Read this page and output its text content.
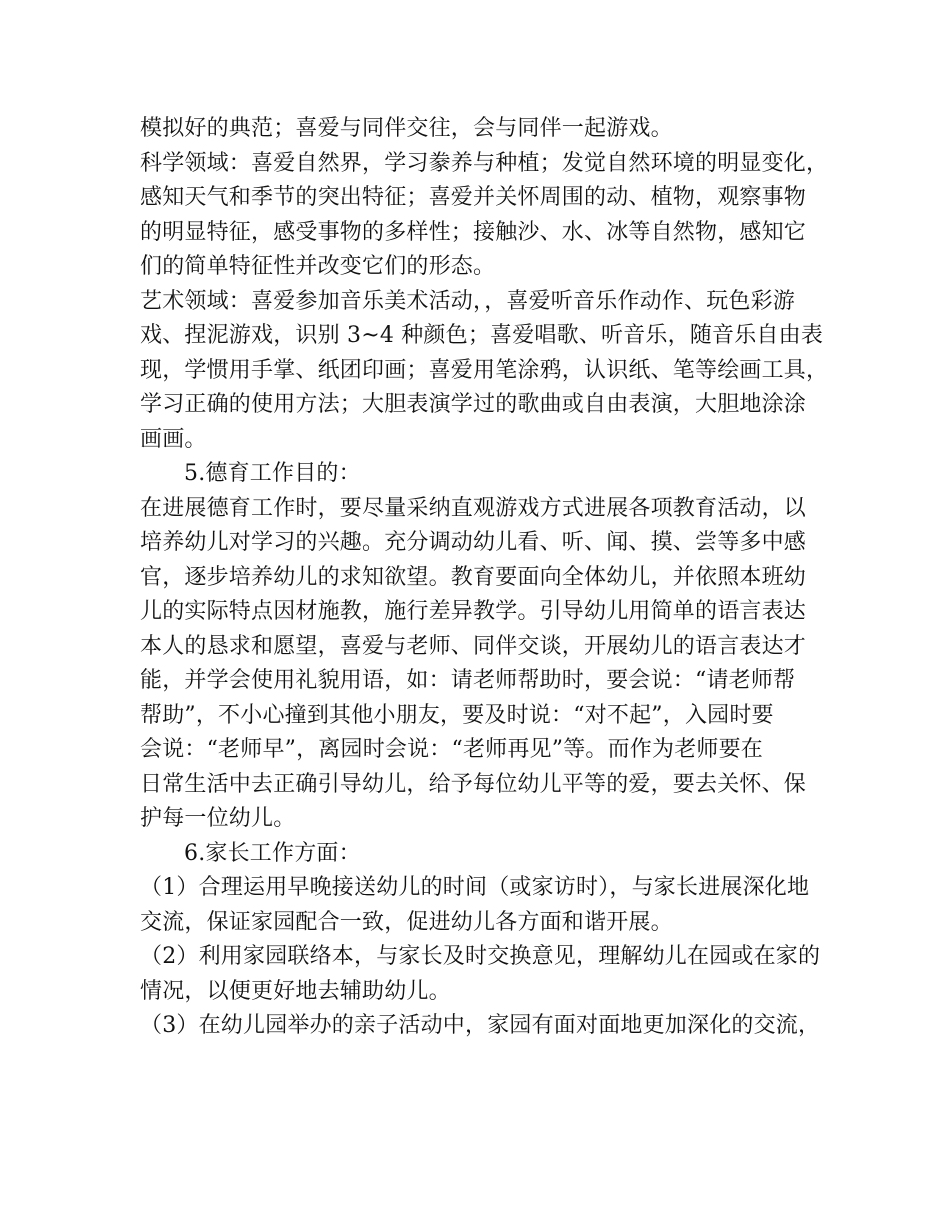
模拟好的典范；喜爱与同伴交往，会与同伴一起游戏。
科学领域：喜爱自然界，学习豢养与种植；发觉自然环境的明显变化，
感知天气和季节的突出特征；喜爱并关怀周围的动、植物，观察事物
的明显特征，感受事物的多样性；接触沙、水、冰等自然物，感知它
们的简单特征性并改变它们的形态。
艺术领域：喜爱参加音乐美术活动，，喜爱听音乐作动作、玩色彩游
戏、捏泥游戏，识别 3~4 种颜色；喜爱唱歌、听音乐，随音乐自由表
现，学惯用手掌、纸团印画；喜爱用笔涂鸦，认识纸、笔等绘画工具，
学习正确的使用方法；大胆表演学过的歌曲或自由表演，大胆地涂涂
画画。
5.德育工作目的：
在进展德育工作时，要尽量采纳直观游戏方式进展各项教育活动，以
培养幼儿对学习的兴趣。充分调动幼儿看、听、闻、摸、尝等多中感
官，逐步培养幼儿的求知欲望。教育要面向全体幼儿，并依照本班幼
儿的实际特点因材施教，施行差异教学。引导幼儿用简单的语言表达
本人的恳求和愿望，喜爱与老师、同伴交谈，开展幼儿的语言表达才
能，并学会使用礼貌用语，如：请老师帮助时，要会说：“请老师帮
帮助”，不小心撞到其他小朋友，要及时说：“对不起”，入园时要
会说：“老师早”，离园时会说：“老师再见”等。而作为老师要在
日常生活中去正确引导幼儿，给予每位幼儿平等的爱，要去关怀、保
护每一位幼儿。
6.家长工作方面：
（1）合理运用早晚接送幼儿的时间（或家访时），与家长进展深化地
交流，保证家园配合一致，促进幼儿各方面和谐开展。
（2）利用家园联络本，与家长及时交换意见，理解幼儿在园或在家的
情况，以便更好地去辅助幼儿。
（3）在幼儿园举办的亲子活动中，家园有面对面地更加深化的交流，
